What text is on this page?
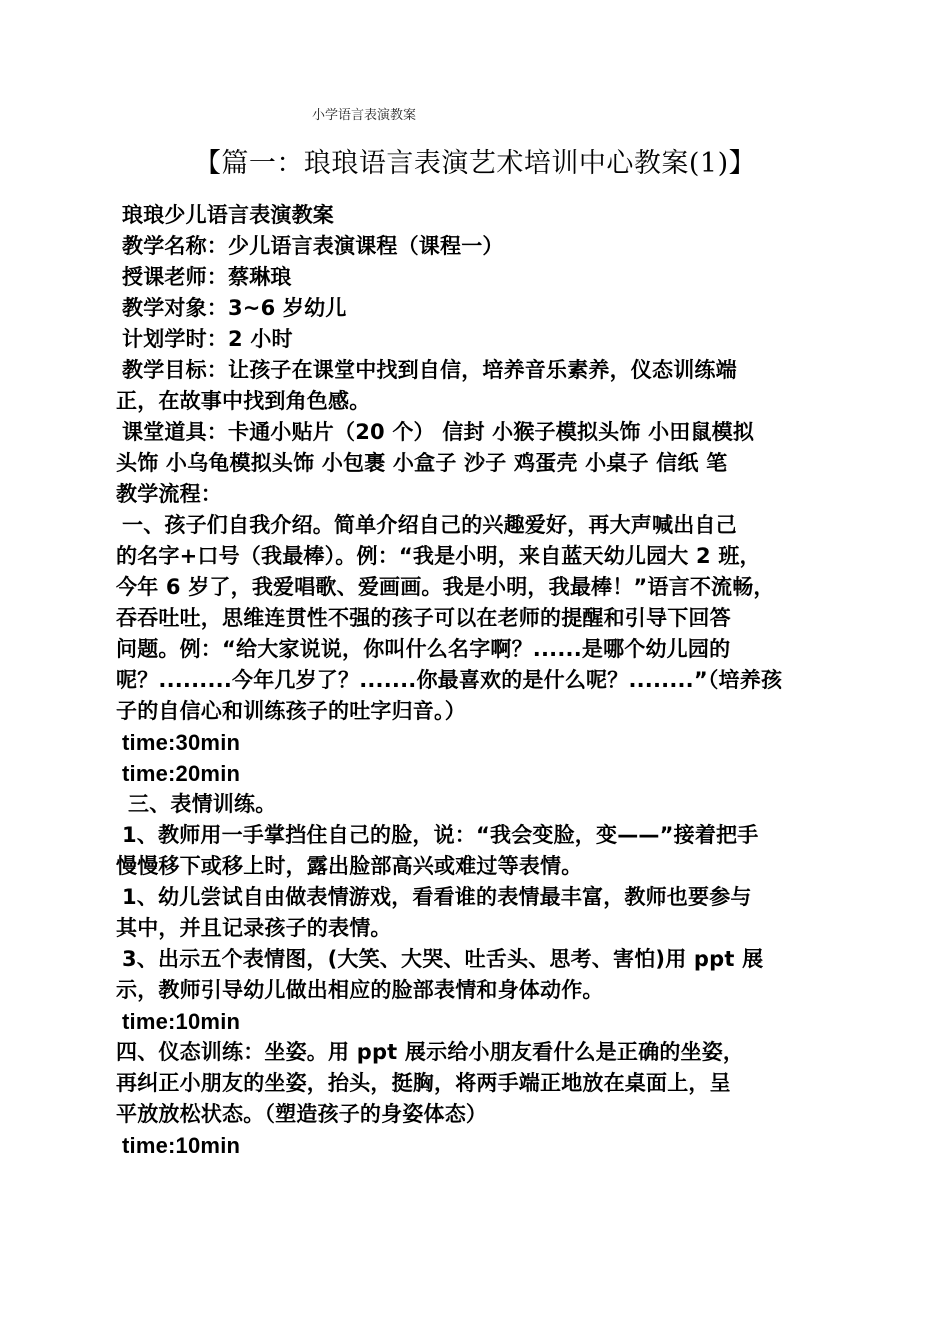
小学语言表演教案
【篇一：琅琅语言表演艺术培训中心教案(1)】
琅琅少儿语言表演教案
教学名称：少儿语言表演课程（课程一）
授课老师：蔡琳琅
教学对象：3~6 岁幼儿
计划学时：2 小时
教学目标：让孩子在课堂中找到自信，培养音乐素养，仪态训练端
正，在故事中找到角色感。
课堂道具：卡通小贴片（20 个） 信封 小猴子模拟头饰 小田鼠模拟
头饰 小乌龟模拟头饰 小包裹 小盒子 沙子 鸡蛋壳 小桌子 信纸 笔
教学流程：
一、孩子们自我介绍。简单介绍自己的兴趣爱好，再大声喊出自己
的名字+口号（我最棒）。例：“我是小明，来自蓝天幼儿园大 2 班，
今年 6 岁了，我爱唱歌、爱画画。我是小明，我最棒！”语言不流畅，
吞吞吐吐，思维连贯性不强的孩子可以在老师的提醒和引导下回答
问题。例：“给大家说说，你叫什么名字啊？......是哪个幼儿园的
呢？.........今年几岁了？.......你最喜欢的是什么呢？........”（培养孩
子的自信心和训练孩子的吐字归音。）
time:30min
time:20min
三、表情训练。
1、教师用一手掌挡住自己的脸，说：“我会变脸，变——”接着把手
慢慢移下或移上时，露出脸部高兴或难过等表情。
1、幼儿尝试自由做表情游戏，看看谁的表情最丰富，教师也要参与
其中，并且记录孩子的表情。
3、出示五个表情图，(大笑、大哭、吐舌头、思考、害怕)用 ppt 展
示，教师引导幼儿做出相应的脸部表情和身体动作。
time:10min
四、仪态训练：坐姿。用 ppt 展示给小朋友看什么是正确的坐姿，
再纠正小朋友的坐姿，抬头，挺胸，将两手端正地放在桌面上，呈
平放放松状态。（塑造孩子的身姿体态）
time:10min
